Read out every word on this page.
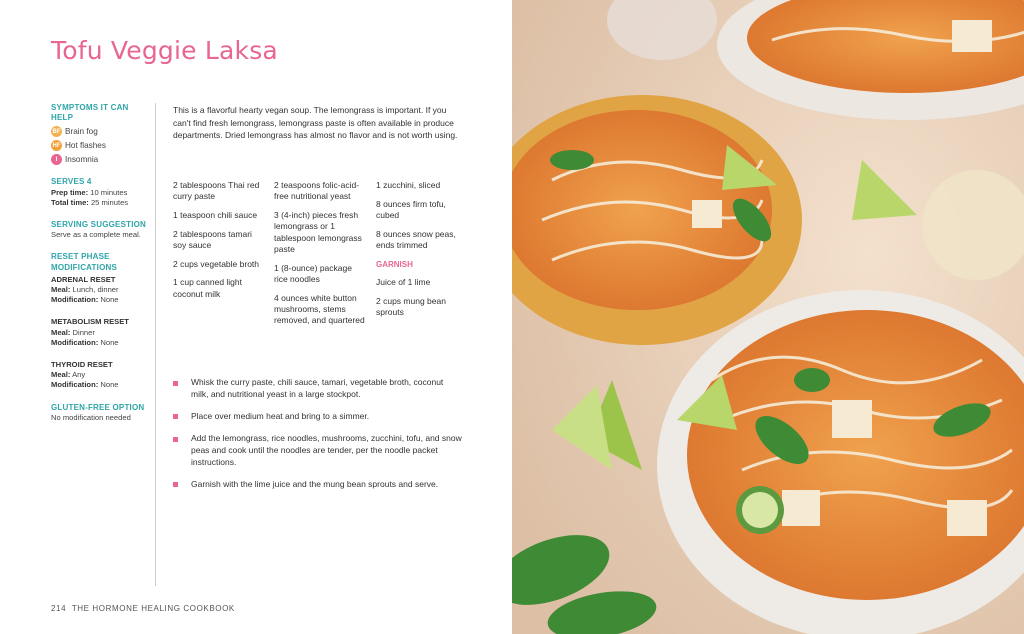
Tofu Veggie Laksa
SYMPTOMS IT CAN HELP
BF Brain fog
HF Hot flashes
I Insomnia
SERVES 4
Prep time: 10 minutes
Total time: 25 minutes
SERVING SUGGESTION
Serve as a complete meal.
RESET PHASE
MODIFICATIONS
ADRENAL RESET
Meal: Lunch, dinner
Modification: None
METABOLISM RESET
Meal: Dinner
Modification: None
THYROID RESET
Meal: Any
Modification: None
GLUTEN-FREE OPTION
No modification needed
This is a flavorful hearty vegan soup. The lemongrass is important. If you can't find fresh lemongrass, lemongrass paste is often available in produce departments. Dried lemongrass has almost no flavor and is not worth using.
2 tablespoons Thai red curry paste
1 teaspoon chili sauce
2 tablespoons tamari soy sauce
2 cups vegetable broth
1 cup canned light coconut milk
2 teaspoons folic-acid-free nutritional yeast
3 (4-inch) pieces fresh lemongrass or 1 tablespoon lemongrass paste
1 (8-ounce) package rice noodles
4 ounces white button mushrooms, stems removed, and quartered
1 zucchini, sliced
8 ounces firm tofu, cubed
8 ounces snow peas, ends trimmed
GARNISH
Juice of 1 lime
2 cups mung bean sprouts
Whisk the curry paste, chili sauce, tamari, vegetable broth, coconut milk, and nutritional yeast in a large stockpot.
Place over medium heat and bring to a simmer.
Add the lemongrass, rice noodles, mushrooms, zucchini, tofu, and snow peas and cook until the noodles are tender, per the noodle packet instructions.
Garnish with the lime juice and the mung bean sprouts and serve.
214 THE HORMONE HEALING COOKBOOK
